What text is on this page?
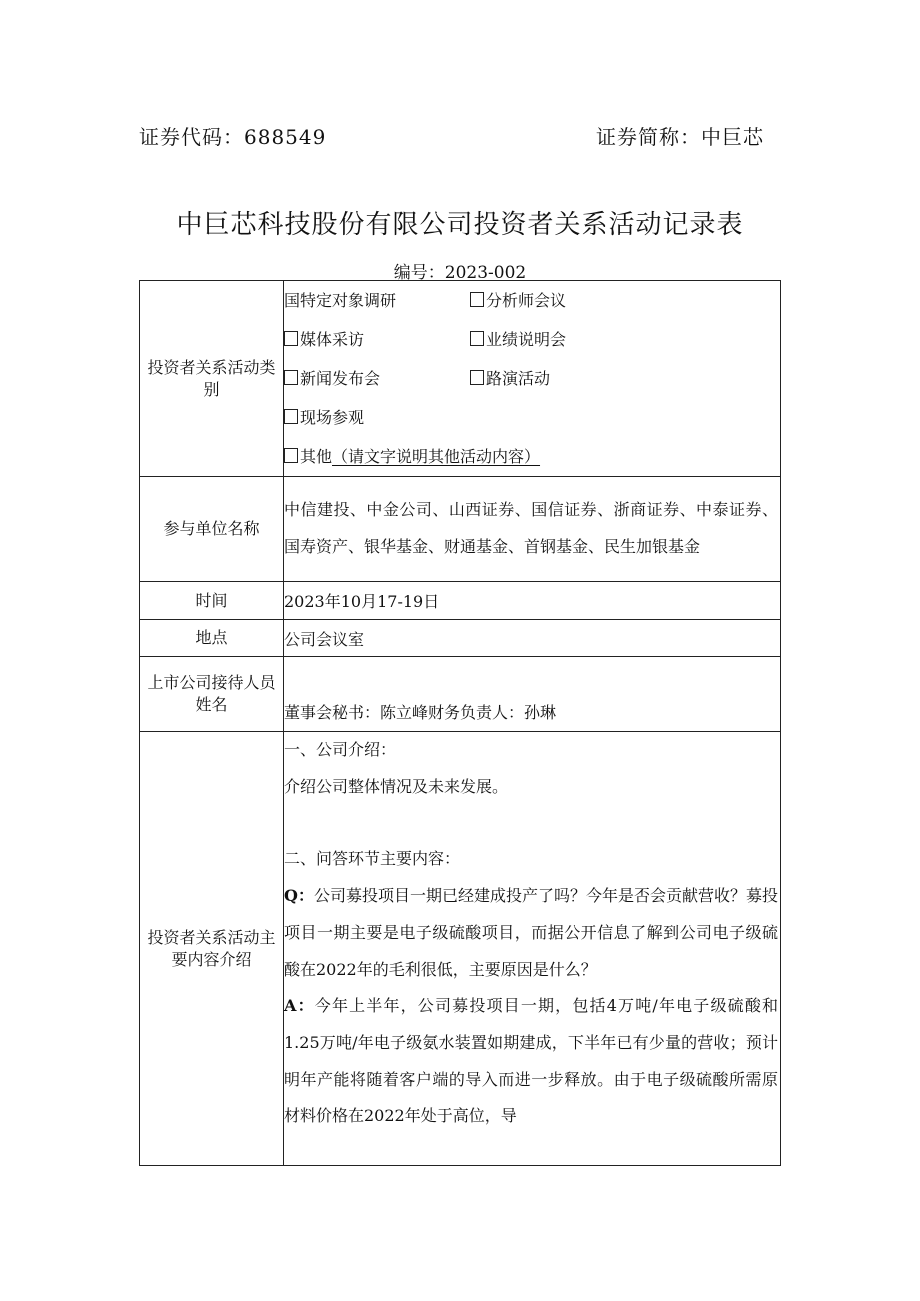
证券代码：688549	证券简称：中巨芯
中巨芯科技股份有限公司投资者关系活动记录表
编号：2023-002
投资者关系活动类别	国特定对象调研 分析师会议
媒体采访 业绩说明会
新闻发布会 路演活动
现场参观
其他（请文字说明其他活动内容）

参与单位名称	中信建投、中金公司、山西证券、国信证券、浙商证券、中泰证券、国寿资产、银华基金、财通基金、首钢基金、民生加银基金

时间	2023年10月17-19日
地点	公司会议室
上市公司接待人员姓名	董事会秘书：陈立峰财务负责人：孙琳

投资者关系活动主要内容介绍	一、公司介绍：
介绍公司整体情况及未来发展。
二、问答环节主要内容：
Q：公司募投项目一期已经建成投产了吗？今年是否会贡献营收？募投项目一期主要是电子级硫酸项目，而据公开信息了解到公司电子级硫酸在2022年的毛利很低，主要原因是什么？
A：今年上半年，公司募投项目一期，包括4万吨/年电子级硫酸和1.25万吨/年电子级氨水装置如期建成，下半年已有少量的营收；预计明年产能将随着客户端的导入而进一步释放。由于电子级硫酸所需原材料价格在2022年处于高位，导
